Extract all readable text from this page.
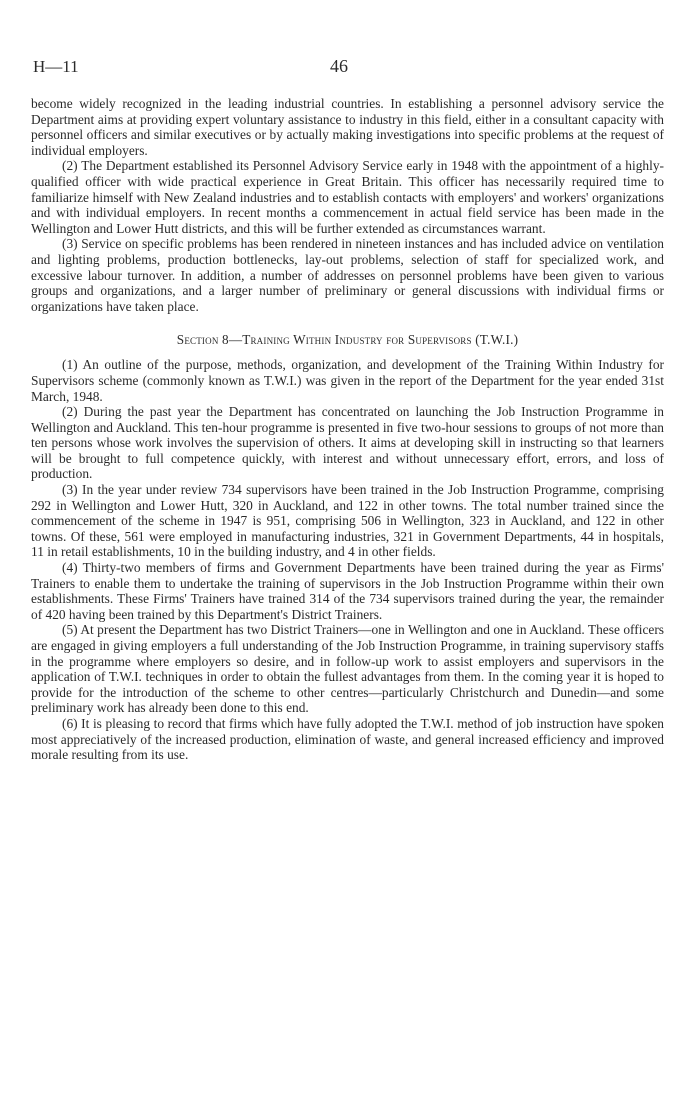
H—11	46

become widely recognized in the leading industrial countries. In establishing a personnel advisory service the Department aims at providing expert voluntary assistance to industry in this field, either in a consultant capacity with personnel officers and similar executives or by actually making investigations into specific problems at the request of individual employers.

(2) The Department established its Personnel Advisory Service early in 1948 with the appointment of a highly-qualified officer with wide practical experience in Great Britain. This officer has necessarily required time to familiarize himself with New Zealand industries and to establish contacts with employers' and workers' organizations and with individual employers. In recent months a commencement in actual field service has been made in the Wellington and Lower Hutt districts, and this will be further extended as circumstances warrant.

(3) Service on specific problems has been rendered in nineteen instances and has included advice on ventilation and lighting problems, production bottlenecks, lay-out problems, selection of staff for specialized work, and excessive labour turnover. In addition, a number of addresses on personnel problems have been given to various groups and organizations, and a larger number of preliminary or general discussions with individual firms or organizations have taken place.

Section 8—Training Within Industry for Supervisors (T.W.I.)

(1) An outline of the purpose, methods, organization, and development of the Training Within Industry for Supervisors scheme (commonly known as T.W.I.) was given in the report of the Department for the year ended 31st March, 1948.

(2) During the past year the Department has concentrated on launching the Job Instruction Programme in Wellington and Auckland. This ten-hour programme is presented in five two-hour sessions to groups of not more than ten persons whose work involves the supervision of others. It aims at developing skill in instructing so that learners will be brought to full competence quickly, with interest and without unnecessary effort, errors, and loss of production.

(3) In the year under review 734 supervisors have been trained in the Job Instruction Programme, comprising 292 in Wellington and Lower Hutt, 320 in Auckland, and 122 in other towns. The total number trained since the commencement of the scheme in 1947 is 951, comprising 506 in Wellington, 323 in Auckland, and 122 in other towns. Of these, 561 were employed in manufacturing industries, 321 in Government Departments, 44 in hospitals, 11 in retail establishments, 10 in the building industry, and 4 in other fields.

(4) Thirty-two members of firms and Government Departments have been trained during the year as Firms' Trainers to enable them to undertake the training of supervisors in the Job Instruction Programme within their own establishments. These Firms' Trainers have trained 314 of the 734 supervisors trained during the year, the remainder of 420 having been trained by this Department's District Trainers.

(5) At present the Department has two District Trainers—one in Wellington and one in Auckland. These officers are engaged in giving employers a full understanding of the Job Instruction Programme, in training supervisory staffs in the programme where employers so desire, and in follow-up work to assist employers and supervisors in the application of T.W.I. techniques in order to obtain the fullest advantages from them. In the coming year it is hoped to provide for the introduction of the scheme to other centres—particularly Christchurch and Dunedin—and some preliminary work has already been done to this end.

(6) It is pleasing to record that firms which have fully adopted the T.W.I. method of job instruction have spoken most appreciatively of the increased production, elimination of waste, and general increased efficiency and improved morale resulting from its use.
